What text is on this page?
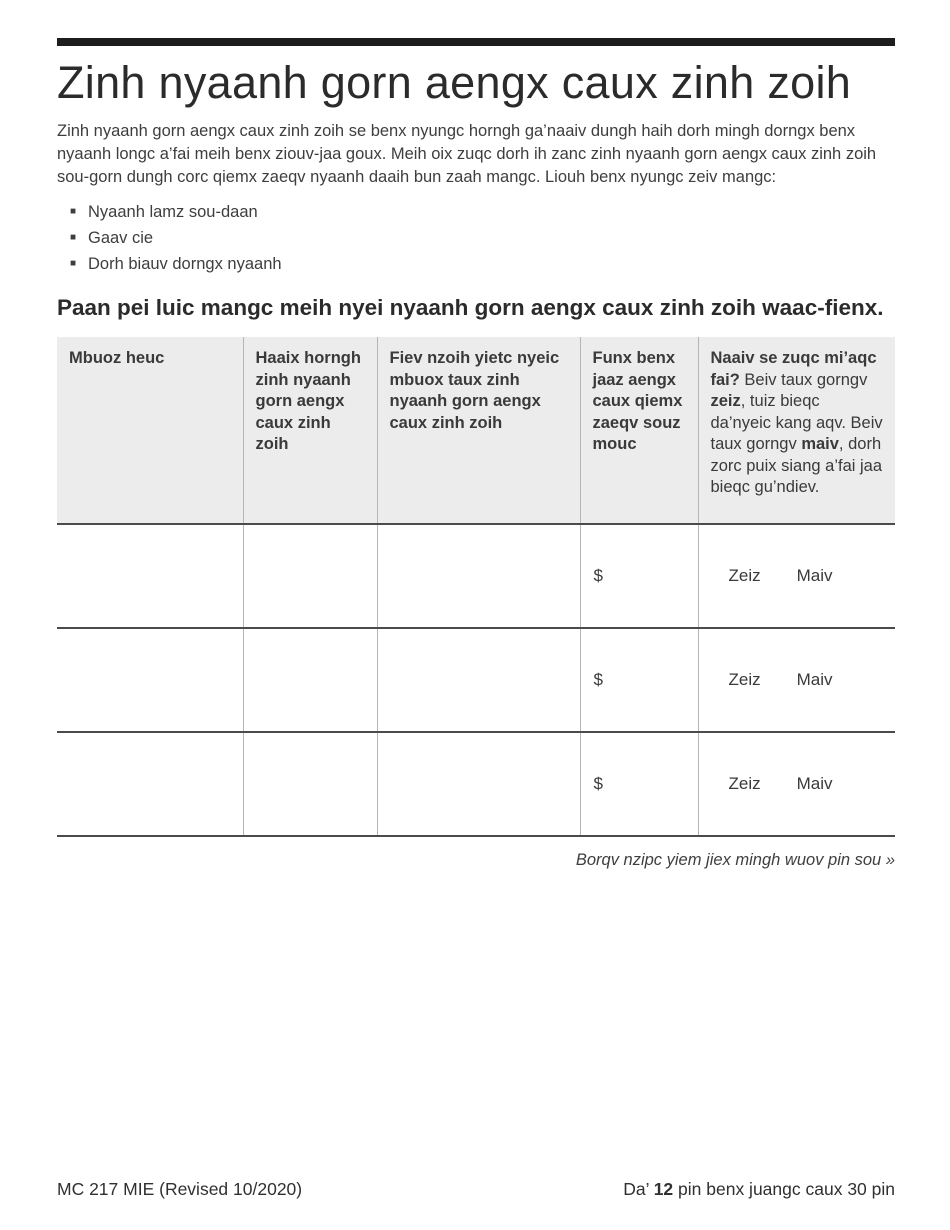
Zinh nyaanh gorn aengx caux zinh zoih

Zinh nyaanh gorn aengx caux zinh zoih se benx nyungc horngh ga’naaiv dungh haih dorh mingh dorngx benx nyaanh longc a’fai meih benx ziouv-jaa goux. Meih oix zuqc dorh ih zanc zinh nyaanh gorn aengx caux zinh zoih sou-gorn dungh corc qiemx zaeqv nyaanh daaih bun zaah mangc. Liouh benx nyungc zeiv mangc:

■ Nyaanh lamz sou-daan
■ Gaav cie
■ Dorh biauv dorngx nyaanh
Paan pei luic mangc meih nyei nyaanh gorn aengx caux zinh zoih waac-fienx.
Mbuoz heuc	Haaix horngh zinh nyaanh gorn aengx caux zinh zoih	Fiev nzoih yietc nyeic mbuox taux zinh nyaanh gorn aengx caux zinh zoih	Funx benx jaaz aengx caux qiemx zaeqv souz mouc	Naaiv se zuqc mi’aqc fai? Beiv taux gorngv zeiz, tuiz bieqc da’nyeic kang aqv. Beiv taux gorngv maiv, dorh zorc puix siang a’fai jaa bieqc gu’ndiev.
			$	Zeiz Maiv
			$	Zeiz Maiv
			$	Zeiz Maiv
Borqv nzipc yiem jiex mingh wuov pin sou »
MC 217 MIE (Revised 10/2020)	Da’ 12 pin benx juangc caux 30 pin
